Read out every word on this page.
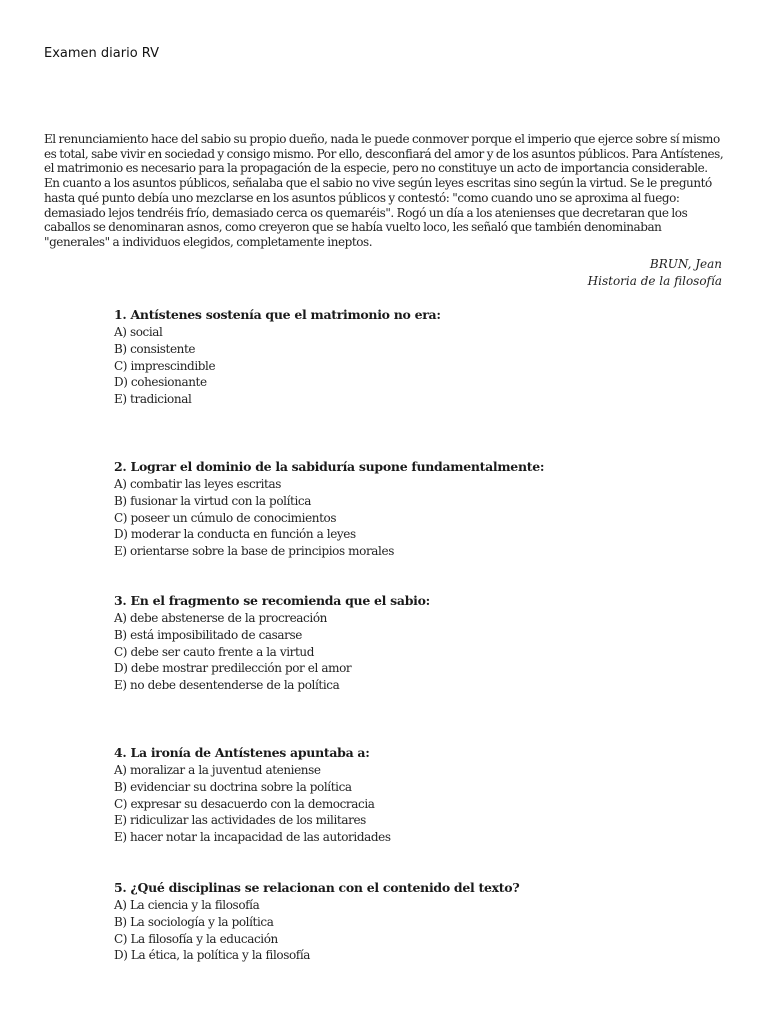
Examen diario RV

El renunciamiento hace del sabio su propio dueño, nada le puede conmover porque el imperio que ejerce sobre sí mismo es total, sabe vivir en sociedad y consigo mismo. Por ello, desconfiará del amor y de los asuntos públicos. Para Antístenes, el matrimonio es necesario para la propagación de la especie, pero no constituye un acto de importancia considerable. En cuanto a los asuntos públicos, señalaba que el sabio no vive según leyes escritas sino según la virtud. Se le preguntó hasta qué punto debía uno mezclarse en los asuntos públicos y contestó: "como cuando uno se aproxima al fuego: demasiado lejos tendréis frío, demasiado cerca os quemaréis". Rogó un día a los atenienses que decretaran que los caballos se denominaran asnos, como creyeron que se había vuelto loco, les señaló que también denominaban "generales" a individuos elegidos, completamente ineptos.

BRUN, Jean
Historia de la filosofía
1. Antístenes sostenía que el matrimonio no era:
A) social
B) consistente
C) imprescindible
D) cohesionante
E) tradicional
2. Lograr el dominio de la sabiduría supone fundamentalmente:
A) combatir las leyes escritas
B) fusionar la virtud con la política
C) poseer un cúmulo de conocimientos
D) moderar la conducta en función a leyes
E) orientarse sobre la base de principios morales
3. En el fragmento se recomienda que el sabio:
A) debe abstenerse de la procreación
B) está imposibilitado de casarse
C) debe ser cauto frente a la virtud
D) debe mostrar predilección por el amor
E) no debe desentenderse de la política
4. La ironía de Antístenes apuntaba a:
A) moralizar a la juventud ateniense
B) evidenciar su doctrina sobre la política
C) expresar su desacuerdo con la democracia
E) ridiculizar las actividades de los militares
E) hacer notar la incapacidad de las autoridades
5. ¿Qué disciplinas se relacionan con el contenido del texto?
A) La ciencia y la filosofía
B) La sociología y la política
C) La filosofía y la educación
D) La ética, la política y la filosofía
